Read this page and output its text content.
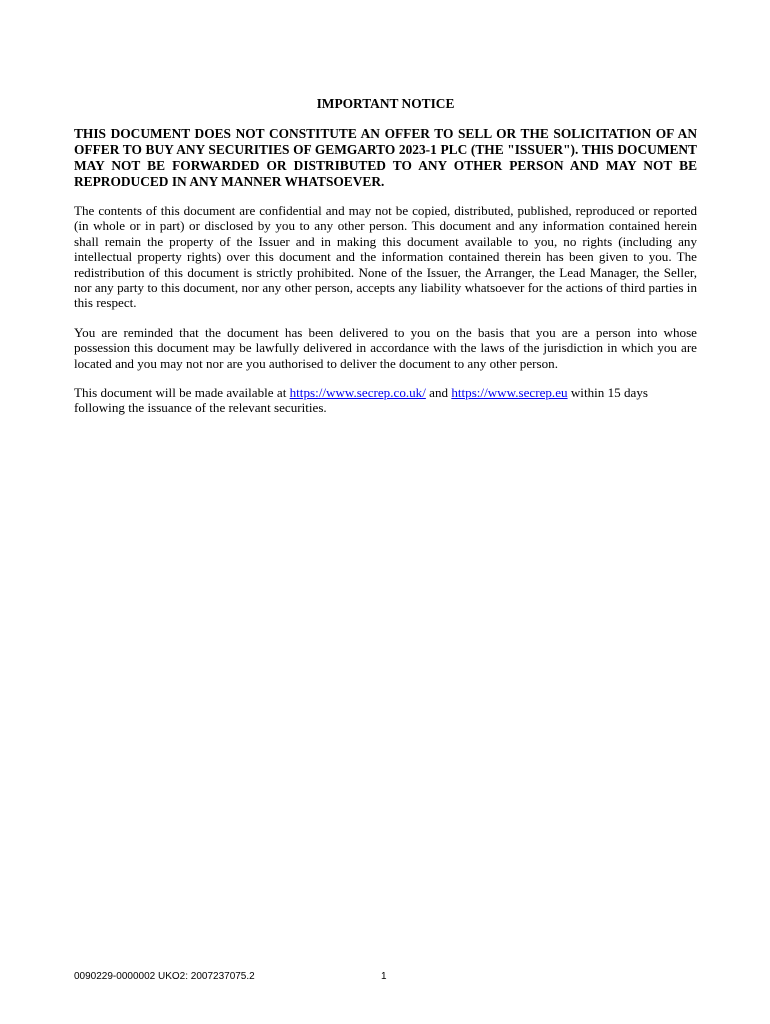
IMPORTANT NOTICE

THIS DOCUMENT DOES NOT CONSTITUTE AN OFFER TO SELL OR THE SOLICITATION OF AN OFFER TO BUY ANY SECURITIES OF GEMGARTO 2023-1 PLC (THE "ISSUER"). THIS DOCUMENT MAY NOT BE FORWARDED OR DISTRIBUTED TO ANY OTHER PERSON AND MAY NOT BE REPRODUCED IN ANY MANNER WHATSOEVER.

The contents of this document are confidential and may not be copied, distributed, published, reproduced or reported (in whole or in part) or disclosed by you to any other person. This document and any information contained herein shall remain the property of the Issuer and in making this document available to you, no rights (including any intellectual property rights) over this document and the information contained therein has been given to you. The redistribution of this document is strictly prohibited. None of the Issuer, the Arranger, the Lead Manager, the Seller, nor any party to this document, nor any other person, accepts any liability whatsoever for the actions of third parties in this respect.

You are reminded that the document has been delivered to you on the basis that you are a person into whose possession this document may be lawfully delivered in accordance with the laws of the jurisdiction in which you are located and you may not nor are you authorised to deliver the document to any other person.

This document will be made available at https://www.secrep.co.uk/ and https://www.secrep.eu within 15 days following the issuance of the relevant securities.

0090229-0000002 UKO2: 2007237075.2	1
